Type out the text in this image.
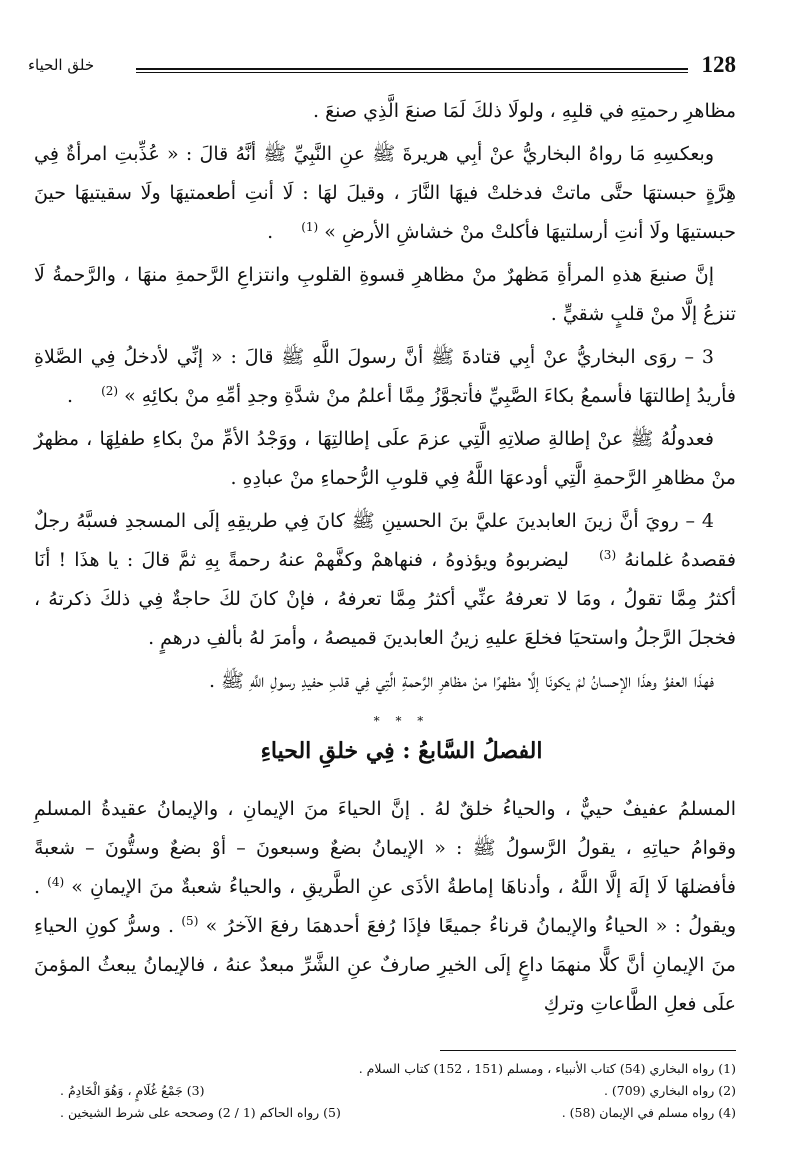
خلق الحياء	128

مظاهرِ رحمتِهِ في قلبِهِ ، ولولَا ذلكَ لَمَا صنعَ الَّذِي صنعَ .

وبعكسِهِ مَا رواهُ البخاريُّ عنْ أبِي هريرةَ ﷺ عنِ النَّبِيِّ ﷺ أنَّهُ قالَ : « عُذِّبتِ امرأةٌ فِي هِرَّةٍ حبستهَا حتَّى ماتتْ فدخلتْ فيهَا النَّارَ ، وقيلَ لهَا : لَا أنتِ أطعمتيهَا ولَا سقيتيهَا حينَ حبستيهَا ولَا أنتِ أرسلتيهَا فأكلتْ منْ خشاشِ الأرضِ » (1) .

إنَّ صنيعَ هذهِ المرأةِ مَظهرٌ منْ مظاهرِ قسوةِ القلوبِ وانتزاعِ الرَّحمةِ منهَا ، والرَّحمةُ لَا تنزعُ إلَّا منْ قلبٍ شقيٍّ .

3 – روَى البخاريُّ عنْ أبِي قتادةَ ﷺ أنَّ رسولَ اللَّهِ ﷺ قالَ : « إنِّي لأدخلُ فِي الصَّلاةِ فأريدُ إطالتهَا فأسمعُ بكاءَ الصَّبِيِّ فأتجوَّزُ مِمَّا أعلمُ منْ شدَّةِ وجدِ أمِّهِ منْ بكائِهِ » (2) .

فعدولُهُ ﷺ عنْ إطالةِ صلاتِهِ الَّتِي عزمَ علَى إطالتِهَا ، ووَجْدُ الأمِّ منْ بكاءِ طفلِهَا ، مظهرٌ منْ مظاهرِ الرَّحمةِ الَّتِي أودعهَا اللَّهُ فِي قلوبِ الرُّحماءِ منْ عبادِهِ .

4 – رويَ أنَّ زينَ العابدينَ عليَّ بنَ الحسينِ ﷺ كانَ فِي طريقِهِ إلَى المسجدِ فسبَّهُ رجلٌ فقصدهُ غلمانهُ (3) ليضربوهُ ويؤذوهُ ، فنهاهمْ وكفَّهمْ عنهُ رحمةً بِهِ ثمَّ قالَ : يا هذَا ! أنَا أكثرُ مِمَّا تقولُ ، ومَا لا تعرفهُ عنِّي أكثرُ مِمَّا تعرفهُ ، فإنْ كانَ لكَ حاجةٌ فِي ذلكَ ذكرتهُ ، فخجلَ الرَّجلُ واستحيَا فخلعَ عليهِ زينُ العابدينَ قميصهُ ، وأمرَ لهُ بألفِ درهمٍ .

فهذَا العفوُ وهذَا الإحسانُ لمْ يكونَا إلَّا مظهرًا منْ مظاهرِ الرَّحمةِ الَّتِي فِي قلبِ حفيدِ رسولِ اللَّهِ ﷺ .

* * *
الفصلُ السَّابعُ : فِي خلقِ الحياءِ

المسلمُ عفيفٌ حييٌّ ، والحياءُ خلقٌ لهُ . إنَّ الحياءَ منَ الإيمانِ ، والإيمانُ عقيدةُ المسلمِ وقوامُ حياتِهِ ، يقولُ الرَّسولُ ﷺ : « الإيمانُ بضعٌ وسبعونَ – أوْ بضعٌ وستُّونَ – شعبةً فأفضلهَا لَا إلَهَ إلَّا اللَّهُ ، وأدناهَا إماطةُ الأذَى عنِ الطَّريقِ ، والحياءُ شعبةٌ منَ الإيمانِ » (4) . ويقولُ : « الحياءُ والإيمانُ قرناءُ جميعًا فإذَا رُفعَ أحدهمَا رفعَ الآخرُ » (5) . وسرُّ كونِ الحياءِ منَ الإيمانِ أنَّ كلًّا منهمَا داعٍ إلَى الخيرِ صارفٌ عنِ الشَّرِّ مبعدٌ عنهُ ، فالإيمانُ يبعثُ المؤمنَ علَى فعلِ الطَّاعاتِ وتركِ

(1) رواه البخاري (54) كتاب الأنبياء ، ومسلم (151 ، 152) كتاب السلام .
(2) رواه البخاري (709) .
(3) جَمْعُ غُلَامٍ ، وَهُوَ الْخَادِمُ .
(4) رواه مسلم في الإيمان (58) .
(5) رواه الحاكم (1 / 2) وصححه على شرط الشيخين .
